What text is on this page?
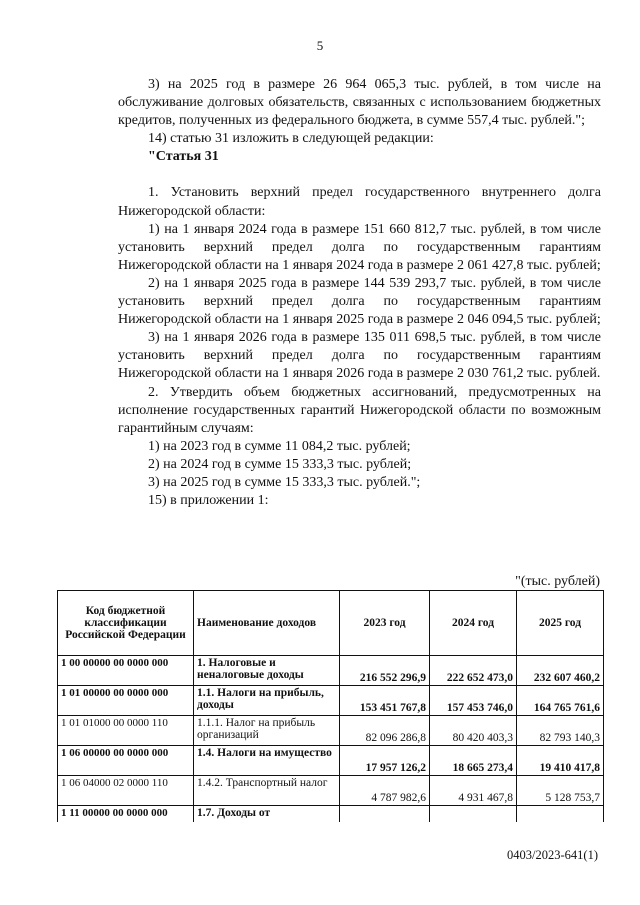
5

3) на 2025 год в размере 26 964 065,3 тыс. рублей, в том числе на обслуживание долговых обязательств, связанных с использованием бюджетных кредитов, полученных из федерального бюджета, в сумме 557,4 тыс. рублей.";

14) статью 31 изложить в следующей редакции:

"Статья 31

1. Установить верхний предел государственного внутреннего долга Нижегородской области:

1) на 1 января 2024 года в размере 151 660 812,7 тыс. рублей, в том числе установить верхний предел долга по государственным гарантиям Нижегородской области на 1 января 2024 года в размере 2 061 427,8 тыс. рублей;

2) на 1 января 2025 года в размере 144 539 293,7 тыс. рублей, в том числе установить верхний предел долга по государственным гарантиям Нижегородской области на 1 января 2025 года в размере 2 046 094,5 тыс. рублей;

3) на 1 января 2026 года в размере 135 011 698,5 тыс. рублей, в том числе установить верхний предел долга по государственным гарантиям Нижегородской области на 1 января 2026 года в размере 2 030 761,2 тыс. рублей.

2. Утвердить объем бюджетных ассигнований, предусмотренных на исполнение государственных гарантий Нижегородской области по возможным гарантийным случаям:

1) на 2023 год в сумме 11 084,2 тыс. рублей;

2) на 2024 год в сумме 15 333,3 тыс. рублей;

3) на 2025 год в сумме 15 333,3 тыс. рублей.";

15) в приложении 1:

"(тыс. рублей)
Код бюджетной классификации Российской Федерации	Наименование доходов	2023 год	2024 год	2025 год
1 00 00000 00 0000 000	1. Налоговые и неналоговые доходы	216 552 296,9	222 652 473,0	232 607 460,2
1 01 00000 00 0000 000	1.1. Налоги на прибыль, доходы	153 451 767,8	157 453 746,0	164 765 761,6
1 01 01000 00 0000 110	1.1.1. Налог на прибыль организаций	82 096 286,8	80 420 403,3	82 793 140,3
1 06 00000 00 0000 000	1.4. Налоги на имущество	17 957 126,2	18 665 273,4	19 410 417,8
1 06 04000 02 0000 110	1.4.2. Транспортный налог	4 787 982,6	4 931 467,8	5 128 753,7
1 11 00000 00 0000 000	1.7. Доходы от			
0403/2023-641(1)
